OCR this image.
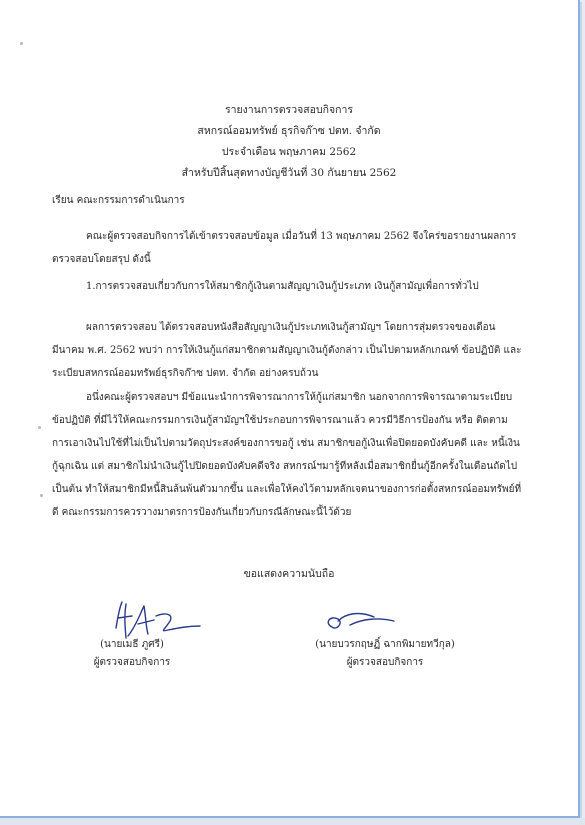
รายงานการตรวจสอบกิจการ
สหกรณ์ออมทรัพย์ ธุรกิจก๊าซ ปตท. จำกัด
ประจำเดือน พฤษภาคม 2562
สำหรับปีสิ้นสุดทางบัญชีวันที่ 30 กันยายน 2562
เรียน คณะกรรมการดำเนินการ
คณะผู้ตรวจสอบกิจการได้เข้าตรวจสอบข้อมูล เมื่อวันที่ 13 พฤษภาคม 2562 จึงใคร่ขอรายงานผลการตรวจสอบโดยสรุป ดังนี้
1.การตรวจสอบเกี่ยวกับการให้สมาชิกกู้เงินตามสัญญาเงินกู้ประเภท เงินกู้สามัญเพื่อการทั่วไป
ผลการตรวจสอบ ได้ตรวจสอบหนังสือสัญญาเงินกู้ประเภทเงินกู้สามัญฯ โดยการสุ่มตรวจของเดือนมีนาคม พ.ศ. 2562 พบว่า การให้เงินกู้แก่สมาชิกตามสัญญาเงินกู้ดังกล่าว เป็นไปตามหลักเกณฑ์ ข้อปฏิบัติ และระเบียบสหกรณ์ออมทรัพย์ธุรกิจก๊าซ ปตท. จำกัด อย่างครบถ้วน
อนึ่งคณะผู้ตรวจสอบฯ มีข้อแนะนำการพิจารณาการให้กู้แก่สมาชิก นอกจากการพิจารณาตามระเบียบข้อปฏิบัติ ที่มีไว้ให้คณะกรรมการเงินกู้สามัญฯใช้ประกอบการพิจารณาแล้ว ควรมีวิธีการป้องกัน หรือ ติดตามการเอาเงินไปใช้ที่ไม่เป็นไปตามวัตถุประสงค์ของการขอกู้ เช่น สมาชิกขอกู้เงินเพื่อปิดยอดบังคับคดี และ หนี้เงินกู้ฉุกเฉิน แต่ สมาชิกไม่นำเงินกู้ไปปิดยอดบังคับคดีจริง สหกรณ์ฯมารู้ทีหลังเมื่อสมาชิกยื่นกู้อีกครั้งในเดือนถัดไป เป็นต้น ทำให้สมาชิกมีหนี้สินล้นพ้นตัวมากขึ้น และเพื่อให้คงไว้ตามหลักเจตนาของการก่อตั้งสหกรณ์ออมทรัพย์ที่ดี คณะกรรมการควรวางมาตรการป้องกันเกี่ยวกับกรณีลักษณะนี้ไว้ด้วย
ขอแสดงความนับถือ
(นายเมธี ภูศรี)
ผู้ตรวจสอบกิจการ
(นายบวรกฤษฏิ์ ฉากพิมายทวีกุล)
ผู้ตรวจสอบกิจการ
